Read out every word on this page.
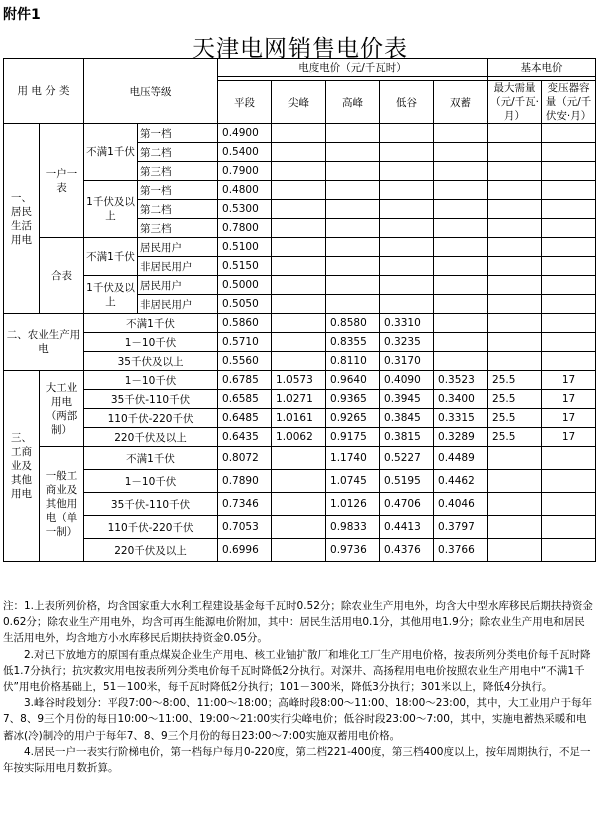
附件1
天津电网销售电价表
用 电 分 类		电压等级		电度电价（元/千瓦时）					基本电价	

				平段	尖峰	高峰	低谷	双蓄	最大需量（元/千瓦·月）	变压器容量（元/千伏安·月）
一、居民生活用电	一户一表	不满1千伏	第一档	0.4900						
			第二档	0.5400						
			第三档	0.7900						
		1千伏及以上	第一档	0.4800						
			第二档	0.5300						
			第三档	0.7800						
	合表	不满1千伏	居民用户	0.5100						
			非居民用户	0.5150						
		1千伏及以上	居民用户	0.5000						
			非居民用户	0.5050						
二、农业生产用电		不满1千伏		0.5860		0.8580	0.3310			
		1－10千伏		0.5710		0.8355	0.3235			
		35千伏及以上		0.5560		0.8110	0.3170			
三、工商业及其他用电	大工业用电（两部制）	1－10千伏		0.6785	1.0573	0.9640	0.4090	0.3523	25.5	17
		35千伏-110千伏		0.6585	1.0271	0.9365	0.3945	0.3400	25.5	17
		110千伏-220千伏		0.6485	1.0161	0.9265	0.3845	0.3315	25.5	17
		220千伏及以上		0.6435	1.0062	0.9175	0.3815	0.3289	25.5	17
	一般工商业及其他用电（单一制）	不满1千伏		0.8072		1.1740	0.5227	0.4489		
		1－10千伏		0.7890		1.0745	0.5195	0.4462		
		35千伏-110千伏		0.7346		1.0126	0.4706	0.4046		
		110千伏-220千伏		0.7053		0.9833	0.4413	0.3797		
		220千伏及以上		0.6996		0.9736	0.4376	0.3766		

注：1.上表所列价格，均含国家重大水利工程建设基金每千瓦时0.52分；除农业生产用电外，均含大中型水库移民后期扶持资金0.62分；除农业生产用电外，均含可再生能源电价附加，其中：居民生活用电0.1分，其他用电1.9分；除农业生产用电和居民生活用电外，均含地方小水库移民后期扶持资金0.05分。

2.对已下放地方的原国有重点煤炭企业生产用电、核工业铀扩散厂和堆化工厂生产用电价格，按表所列分类电价每千瓦时降低1.7分执行；抗灾救灾用电按表所列分类电价每千瓦时降低2分执行。对深井、高扬程用电电价按照农业生产用电中“不满1千伏”用电价格基础上，51－100米，每千瓦时降低2分执行；101－300米，降低3分执行；301米以上，降低4分执行。

3.峰谷时段划分：平段7:00～8:00、11:00～18:00；高峰时段8:00～11:00、18:00～23:00，其中，大工业用户于每年7、8、9三个月份的每日10:00～11:00、19:00～21:00实行尖峰电价；低谷时段23:00～7:00，其中，实施电蓄热采暖和电蓄冰(冷)制冷的用户于每年7、8、9三个月份的每日23:00～7:00实施双蓄用电价格。

4.居民一户一表实行阶梯电价，第一档每户每月0-220度，第二档221-400度，第三档400度以上，按年周期执行，不足一年按实际用电月数折算。
